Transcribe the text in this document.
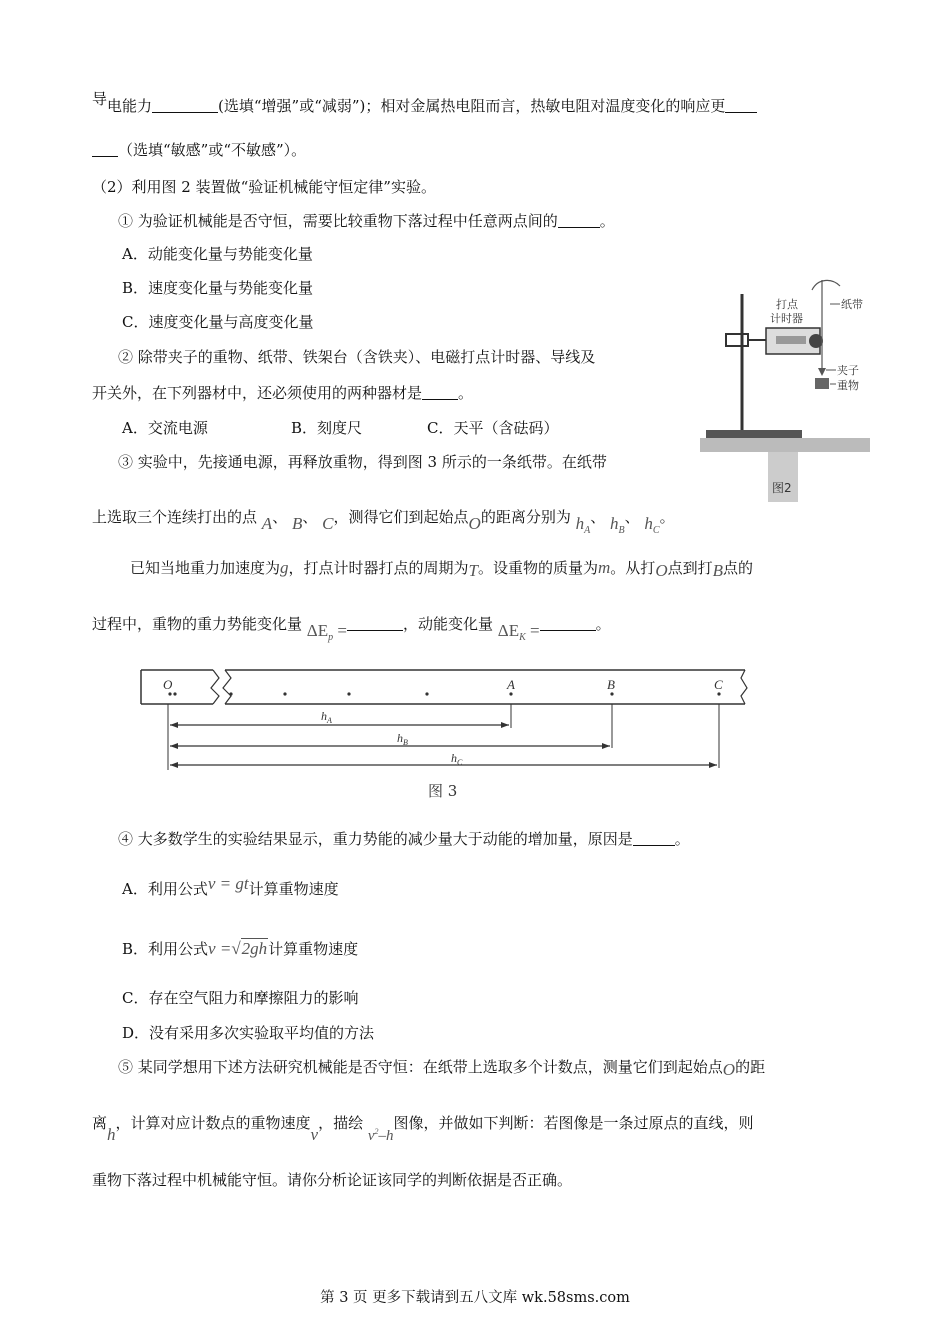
导电能力	(选填“增强”或“减弱”)；相对金属热电阻而言，热敏电阻对温度变化的响应更
（选填“敏感”或“不敏感”）。
（2）利用图 2 装置做“验证机械能守恒定律”实验。
① 为验证机械能是否守恒，需要比较重物下落过程中任意两点间的	。
A．动能变化量与势能变化量
B．速度变化量与势能变化量
C．速度变化量与高度变化量
② 除带夹子的重物、纸带、铁架台（含铁夹）、电磁打点计时器、导线及
开关外，在下列器材中，还必须使用的两种器材是 。
A．交流电源	B．刻度尺	C．天平（含砝码）
③ 实验中，先接通电源，再释放重物，得到图 3 所示的一条纸带。在纸带
上选取三个连续打出的点 A、 B、 C，测得它们到起始点O的距离分别为 $h_A$、 $h_B$、 $h_C$。
已知当地重力加速度为g，打点计时器打点的周期为T。设重物的质量为m。从打O点到打B点的
过程中，重物的重力势能变化量 $\Delta E_p$ =	，动能变化量 $\Delta E_K$ =	。
打点
计时器
纸带
夹子
重物
图2
O	A	B	C
$h_A$
$h_B$
$h_C$
图 3
④ 大多数学生的实验结果显示，重力势能的减少量大于动能的增加量，原因是	。
A．利用公式v = gt计算重物速度
B．利用公式v =√2gh计算重物速度
C．存在空气阻力和摩擦阻力的影响
D．没有采用多次实验取平均值的方法
⑤ 某同学想用下述方法研究机械能是否守恒：在纸带上选取多个计数点，测量它们到起始点O的距
离h，计算对应计数点的重物速度v，描绘 $v^2-h$图像，并做如下判断：若图像是一条过原点的直线，则
重物下落过程中机械能守恒。请你分析论证该同学的判断依据是否正确。
第 3 页 更多下载请到五八文库 wk.58sms.com
